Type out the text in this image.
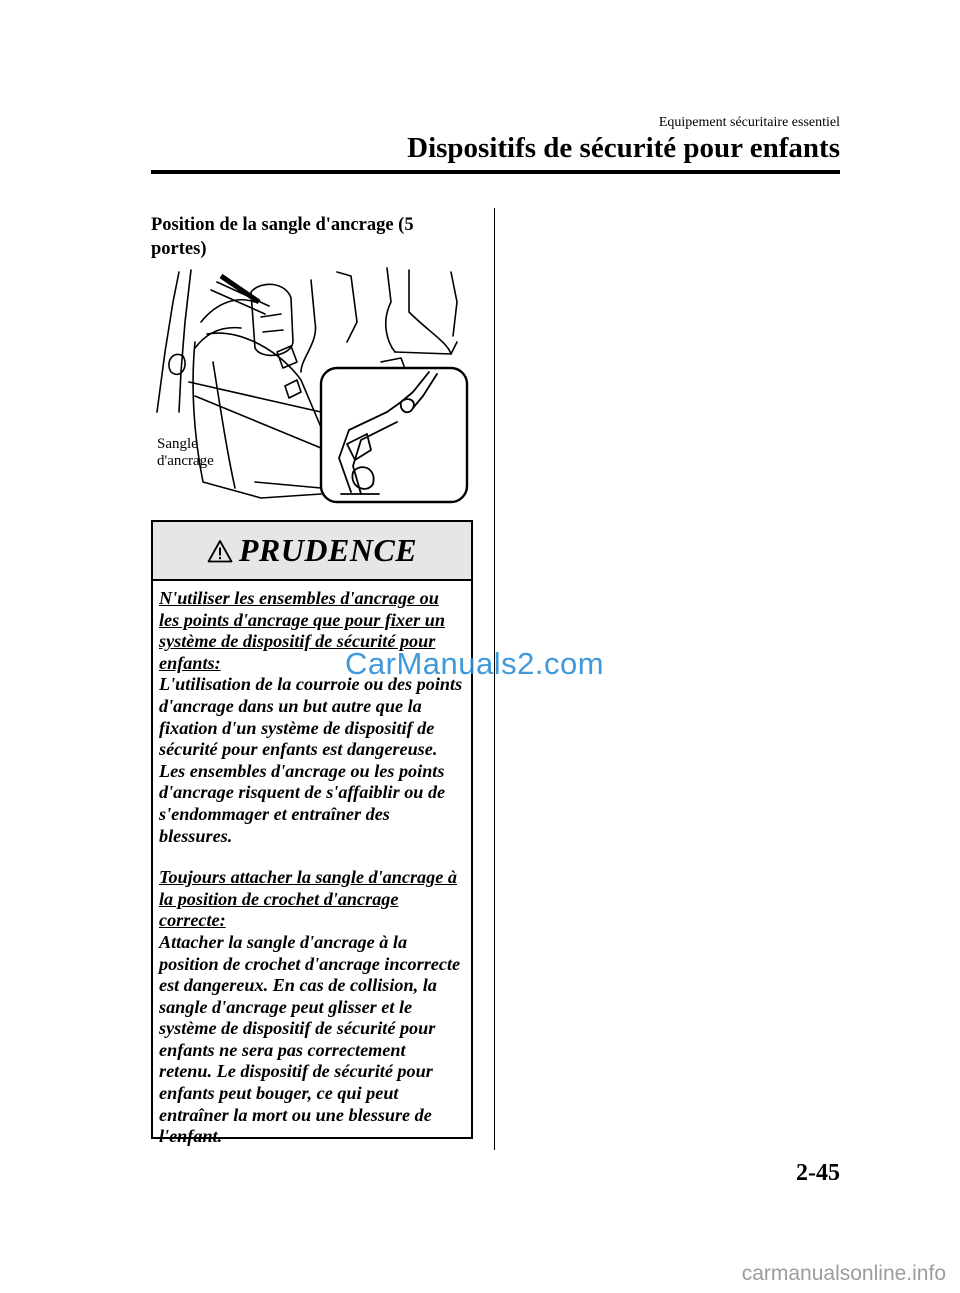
Equipement sécuritaire essentiel
Dispositifs de sécurité pour enfants
Position de la sangle d'ancrage (5 portes)
Sangle
d'ancrage
PRUDENCE

N'utiliser les ensembles d'ancrage ou les points d'ancrage que pour fixer un système de dispositif de sécurité pour enfants:

L'utilisation de la courroie ou des points d'ancrage dans un but autre que la fixation d'un système de dispositif de sécurité pour enfants est dangereuse. Les ensembles d'ancrage ou les points d'ancrage risquent de s'affaiblir ou de s'endommager et entraîner des blessures.

Toujours attacher la sangle d'ancrage à la position de crochet d'ancrage correcte:

Attacher la sangle d'ancrage à la position de crochet d'ancrage incorrecte est dangereux. En cas de collision, la sangle d'ancrage peut glisser et le système de dispositif de sécurité pour enfants ne sera pas correctement retenu. Le dispositif de sécurité pour enfants peut bouger, ce qui peut entraîner la mort ou une blessure de l'enfant.

CarManuals2.com
2-45
carmanualsonline.info
